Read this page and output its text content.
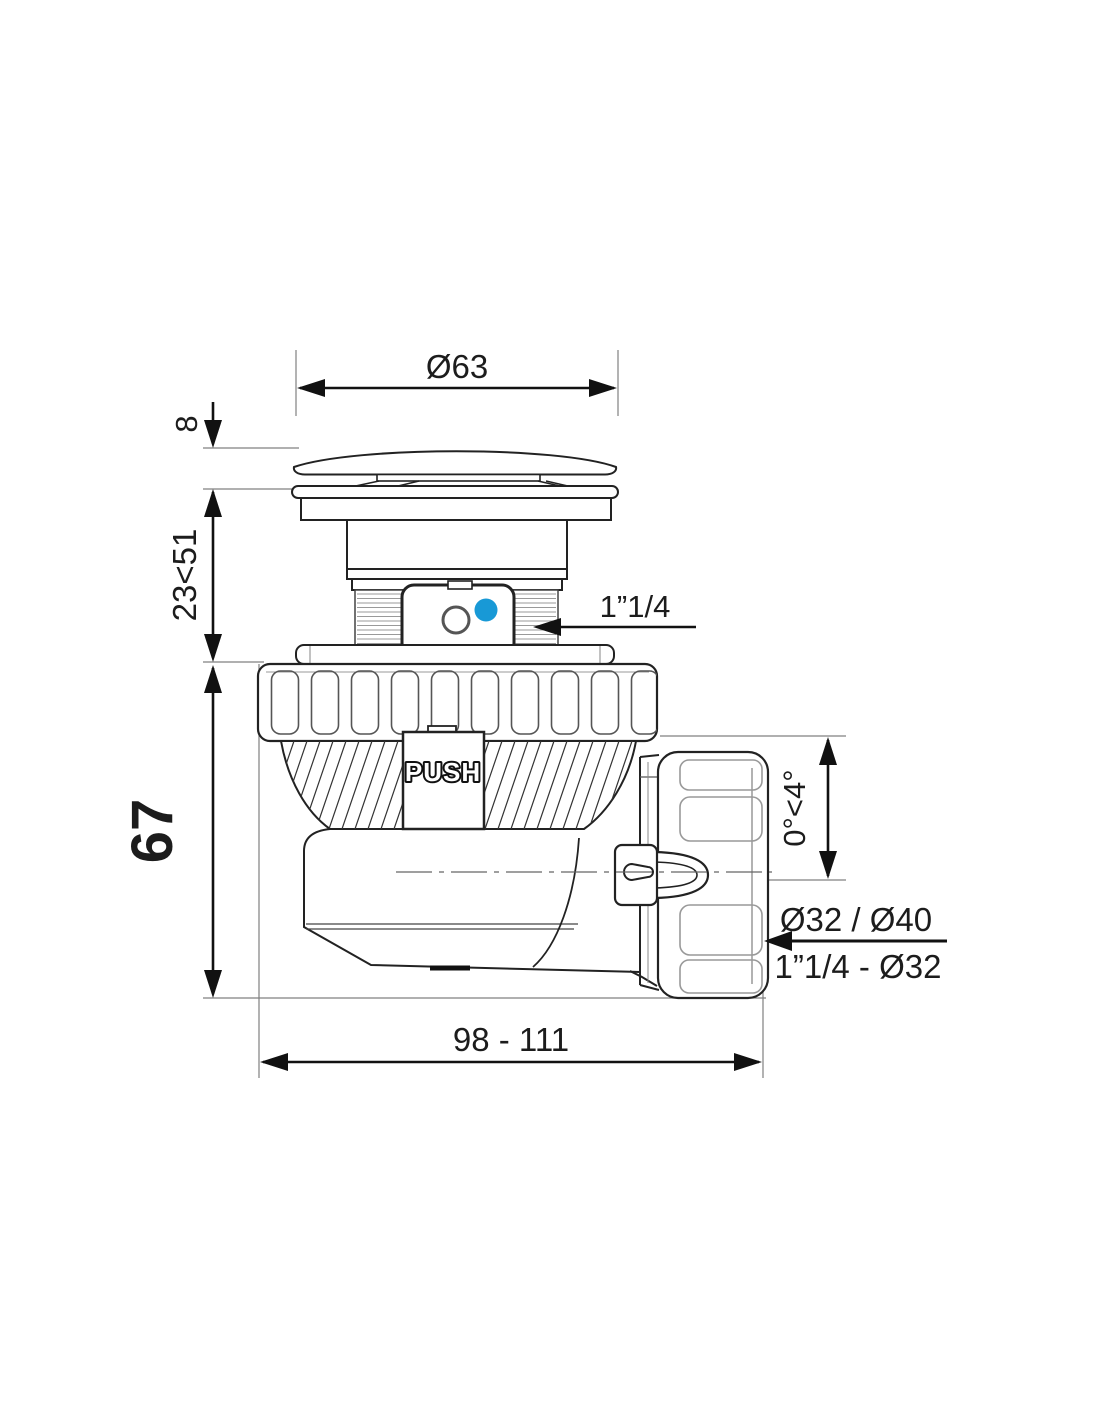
PUSH
Ø63
8
23<51
67
1”1/4
0°<4°
Ø32 / Ø40
1”1/4 - Ø32
98 - 111
